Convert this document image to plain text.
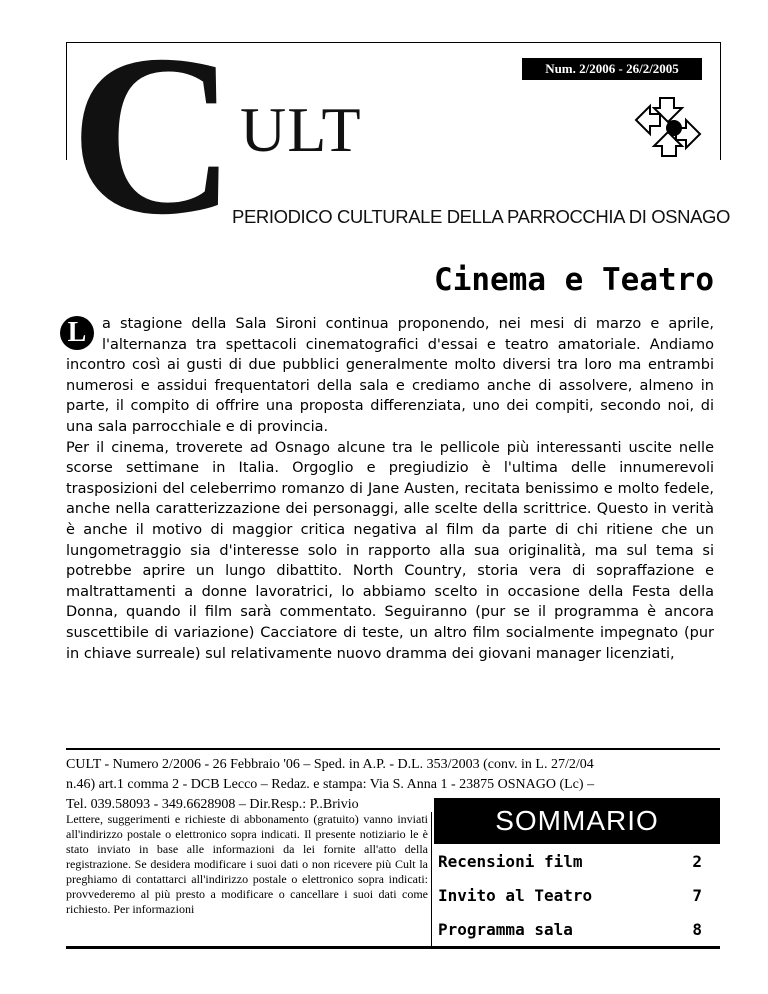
C ULT
PERIODICO CULTURALE DELLA PARROCCHIA DI OSNAGO
Num. 2/2006 - 26/2/2005
Cinema e Teatro

L	a stagione della Sala Sironi continua proponendo, nei mesi di marzo e aprile, l'alternanza tra spettacoli cinematografici d'essai e teatro amatoriale. Andiamo incontro così ai gusti di due pubblici generalmente molto diversi tra loro ma entrambi numerosi e assidui frequentatori della sala e crediamo anche di assolvere, almeno in parte, il compito di offrire una proposta differenziata, uno dei compiti, secondo noi, di una sala parrocchiale e di provincia.

Per il cinema, troverete ad Osnago alcune tra le pellicole più interessanti uscite nelle scorse settimane in Italia. Orgoglio e pregiudizio è l'ultima delle innumerevoli trasposizioni del celeberrimo romanzo di Jane Austen, recitata benissimo e molto fedele, anche nella caratterizzazione dei personaggi, alle scelte della scrittrice. Questo in verità è anche il motivo di maggior critica negativa al film da parte di chi ritiene che un lungometraggio sia d'interesse solo in rapporto alla sua originalità, ma sul tema si potrebbe aprire un lungo dibattito. North Country, storia vera di sopraffazione e maltrattamenti a donne lavoratrici, lo abbiamo scelto in occasione della Festa della Donna, quando il film sarà commentato. Seguiranno (pur se il programma è ancora suscettibile di variazione) Cacciatore di teste, un altro film socialmente impegnato (pur in chiave surreale) sul relativamente nuovo dramma dei giovani manager licenziati,

CULT - Numero 2/2006 - 26 Febbraio '06 – Sped. in A.P. - D.L. 353/2003 (conv. in L. 27/2/04
n.46) art.1 comma 2 - DCB Lecco – Redaz. e stampa: Via S. Anna 1 - 23875 OSNAGO (Lc) –
Tel. 039.58093 - 349.6628908 – Dir.Resp.: P..Brivio
Lettere, suggerimenti e richieste di abbonamento (gratuito) vanno inviati all'indirizzo postale o elettronico sopra indicati. Il presente notiziario le è stato inviato in base alle informazioni da lei fornite all'atto della registrazione. Se desidera modificare i suoi dati o non ricevere più Cult la preghiamo di contattarci all'indirizzo postale o elettronico sopra indicati: provvederemo al più presto a modificare o cancellare i suoi dati come richiesto. Per informazioni
SOMMARIO
Recensioni film	2
Invito al Teatro	7
Programma sala	8
